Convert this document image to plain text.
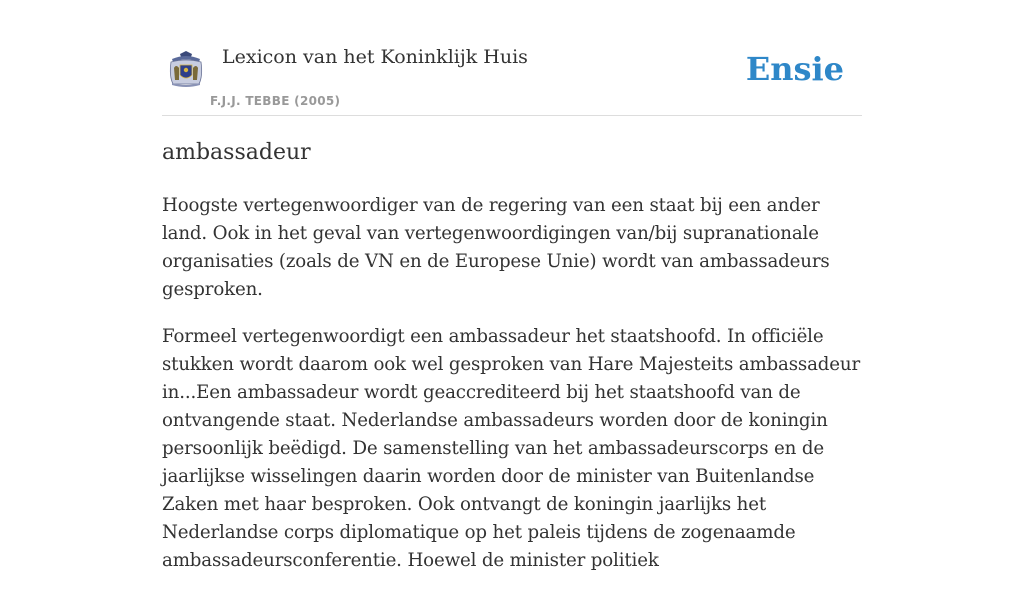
Lexicon van het Koninklijk Huis
F.J.J. TEBBE (2005)
Ensie
ambassadeur

Hoogste vertegenwoordiger van de regering van een staat bij een ander land. Ook in het geval van vertegenwoordigingen van/bij supranationale organisaties (zoals de VN en de Europese Unie) wordt van ambassadeurs gesproken.

Formeel vertegenwoordigt een ambassadeur het staatshoofd. In officiële stukken wordt daarom ook wel gesproken van Hare Majesteits ambassadeur in...Een ambassadeur wordt geaccrediteerd bij het staatshoofd van de ontvangende staat. Nederlandse ambassadeurs worden door de koningin persoonlijk beëdigd. De samenstelling van het ambassadeurscorps en de jaarlijkse wisselingen daarin worden door de minister van Buitenlandse Zaken met haar besproken. Ook ontvangt de koningin jaarlijks het Nederlandse corps diplomatique op het paleis tijdens de zogenaamde ambassadeursconferentie. Hoewel de minister politiek
